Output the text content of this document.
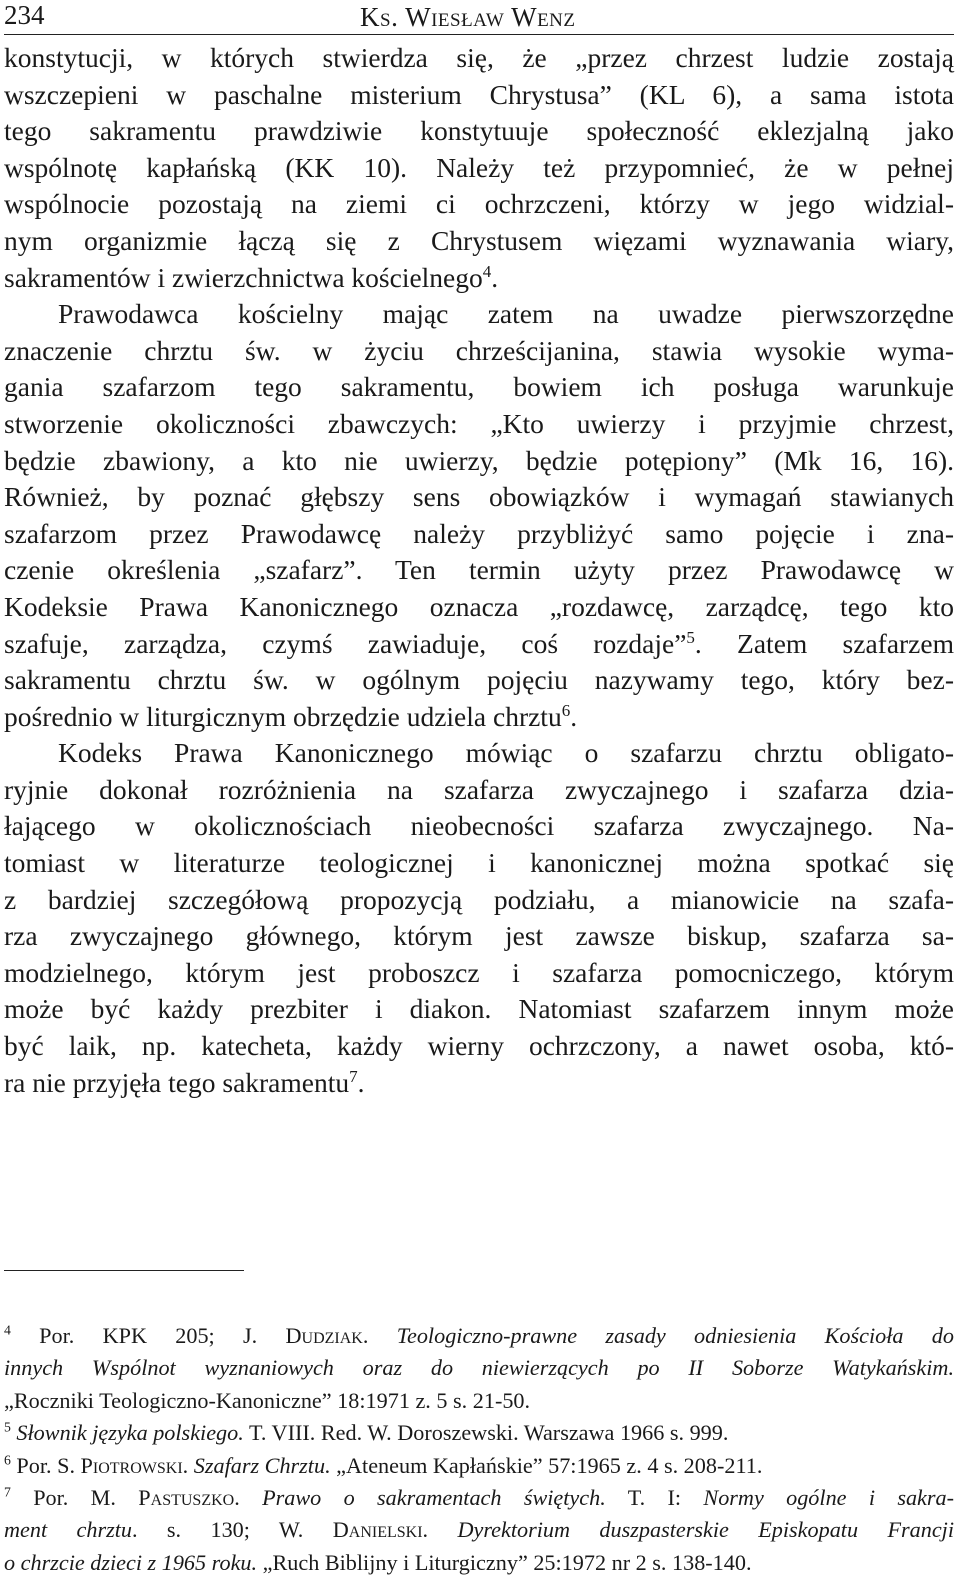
234	Ks. Wiesław Wenz
konstytucji, w których stwierdza się, że „przez chrzest ludzie zostają
wszczepieni w paschalne misterium Chrystusa” (KL 6), a sama istota
tego sakramentu prawdziwie konstytuuje społeczność eklezjalną jako
wspólnotę kapłańską (KK 10). Należy też przypomnieć, że w pełnej
wspólnocie pozostają na ziemi ci ochrzczeni, którzy w jego widzial-
nym organizmie łączą się z Chrystusem więzami wyznawania wiary,
sakramentów i zwierzchnictwa kościelnego$^4$.
Prawodawca kościelny mając zatem na uwadze pierwszorzędne
znaczenie chrztu św. w życiu chrześcijanina, stawia wysokie wyma-
gania szafarzom tego sakramentu, bowiem ich posługa warunkuje
stworzenie okoliczności zbawczych: „Kto uwierzy i przyjmie chrzest,
będzie zbawiony, a kto nie uwierzy, będzie potępiony” (Mk 16, 16).
Również, by poznać głębszy sens obowiązków i wymagań stawianych
szafarzom przez Prawodawcę należy przybliżyć samo pojęcie i zna-
czenie określenia „szafarz”. Ten termin użyty przez Prawodawcę w
Kodeksie Prawa Kanonicznego oznacza „rozdawcę, zarządcę, tego kto
szafuje, zarządza, czymś zawiaduje, coś rozdaje”$^5$. Zatem szafarzem
sakramentu chrztu św. w ogólnym pojęciu nazywamy tego, który bez-
pośrednio w liturgicznym obrzędzie udziela chrztu$^6$.
Kodeks Prawa Kanonicznego mówiąc o szafarzu chrztu obligato-
ryjnie dokonał rozróżnienia na szafarza zwyczajnego i szafarza dzia-
łającego w okolicznościach nieobecności szafarza zwyczajnego. Na-
tomiast w literaturze teologicznej i kanonicznej można spotkać się
z bardziej szczegółową propozycją podziału, a mianowicie na szafa-
rza zwyczajnego głównego, którym jest zawsze biskup, szafarza sa-
modzielnego, którym jest proboszcz i szafarza pomocniczego, którym
może być każdy prezbiter i diakon. Natomiast szafarzem innym może
być laik, np. katecheta, każdy wierny ochrzczony, a nawet osoba, któ-
ra nie przyjęła tego sakramentu$^7$.
$^4$ Por. KPK 205; J. Dudziak. Teologiczno-prawne zasady odniesienia Kościoła do
innych Wspólnot wyznaniowych oraz do niewierzących po II Soborze Watykańskim.
„Roczniki Teologiczno-Kanoniczne” 18:1971 z. 5 s. 21-50.
$^5$ Słownik języka polskiego. T. VIII. Red. W. Doroszewski. Warszawa 1966 s. 999.
$^6$ Por. S. Piotrowski. Szafarz Chrztu. „Ateneum Kapłańskie” 57:1965 z. 4 s. 208-211.
$^7$ Por. M. Pastuszko. Prawo o sakramentach świętych. T. I: Normy ogólne i sakra-
ment chrztu. s. 130; W. Danielski. Dyrektorium duszpasterskie Episkopatu Francji
o chrzcie dzieci z 1965 roku. „Ruch Biblijny i Liturgiczny” 25:1972 nr 2 s. 138-140.
